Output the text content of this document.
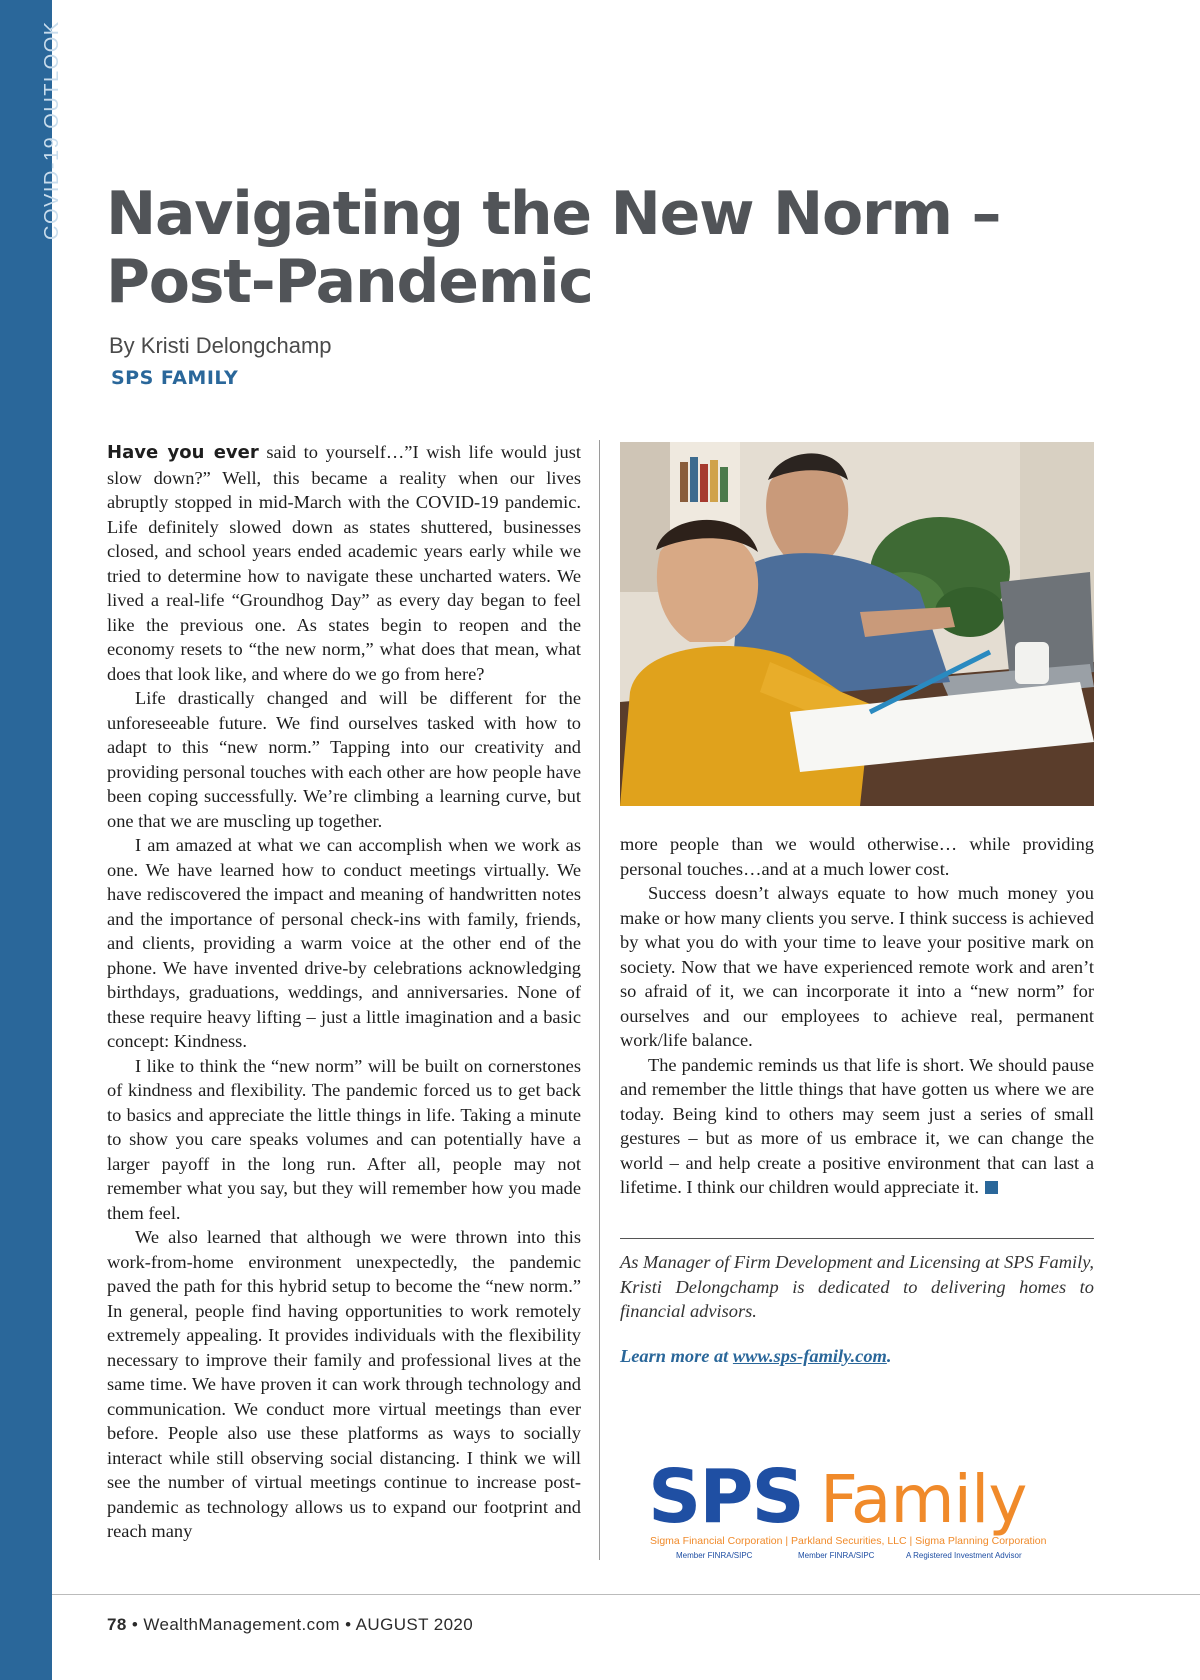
COVID-19 OUTLOOK Navigating the New Norm –
Post-Pandemic
By Kristi Delongchamp
SPS FAMILY

Have you ever said to yourself…”I wish life would just slow down?” Well, this became a reality when our lives abruptly stopped in mid-March with the COVID-19 pandemic. Life definitely slowed down as states shuttered, businesses closed, and school years ended academic years early while we tried to determine how to navigate these uncharted waters. We lived a real-life “Groundhog Day” as every day began to feel like the previous one. As states begin to reopen and the economy resets to “the new norm,” what does that mean, what does that look like, and where do we go from here?

Life drastically changed and will be different for the unforeseeable future. We find ourselves tasked with how to adapt to this “new norm.” Tapping into our creativity and providing personal touches with each other are how people have been coping successfully. We’re climbing a learning curve, but one that we are muscling up together.

I am amazed at what we can accomplish when we work as one. We have learned how to conduct meetings virtually. We have rediscovered the impact and meaning of handwritten notes and the importance of personal check-ins with family, friends, and clients, providing a warm voice at the other end of the phone. We have invented drive-by celebrations acknowledging birthdays, graduations, weddings, and anniversaries. None of these require heavy lifting – just a little imagination and a basic concept: Kindness.

I like to think the “new norm” will be built on cornerstones of kindness and flexibility. The pandemic forced us to get back to basics and appreciate the little things in life. Taking a minute to show you care speaks volumes and can potentially have a larger payoff in the long run. After all, people may not remember what you say, but they will remember how you made them feel.

We also learned that although we were thrown into this work-from-home environment unexpectedly, the pandemic paved the path for this hybrid setup to become the “new norm.” In general, people find having opportunities to work remotely extremely appealing. It provides individuals with the flexibility necessary to improve their family and professional lives at the same time. We have proven it can work through technology and communication. We conduct more virtual meetings than ever before. People also use these platforms as ways to socially interact while still observing social distancing. I think we will see the number of virtual meetings continue to increase post-pandemic as technology allows us to expand our footprint and reach many

more people than we would otherwise… while providing personal touches…and at a much lower cost.

Success doesn’t always equate to how much money you make or how many clients you serve. I think success is achieved by what you do with your time to leave your positive mark on society. Now that we have experienced remote work and aren’t so afraid of it, we can incorporate it into a “new norm” for ourselves and our employees to achieve real, permanent work/life balance.

The pandemic reminds us that life is short. We should pause and remember the little things that have gotten us where we are today. Being kind to others may seem just a series of small gestures – but as more of us embrace it, we can change the world – and help create a positive environment that can last a lifetime. I think our children would appreciate it.

As Manager of Firm Development and Licensing at SPS Family, Kristi Delongchamp is dedicated to delivering homes to financial advisors.
Learn more at www.sps-family.com.
SPS Family
Sigma Financial Corporation | Parkland Securities, LLC | Sigma Planning Corporation
Member FINRA/SIPC	Member FINRA/SIPC	A Registered Investment Advisor
78 • WealthManagement.com • AUGUST 2020
